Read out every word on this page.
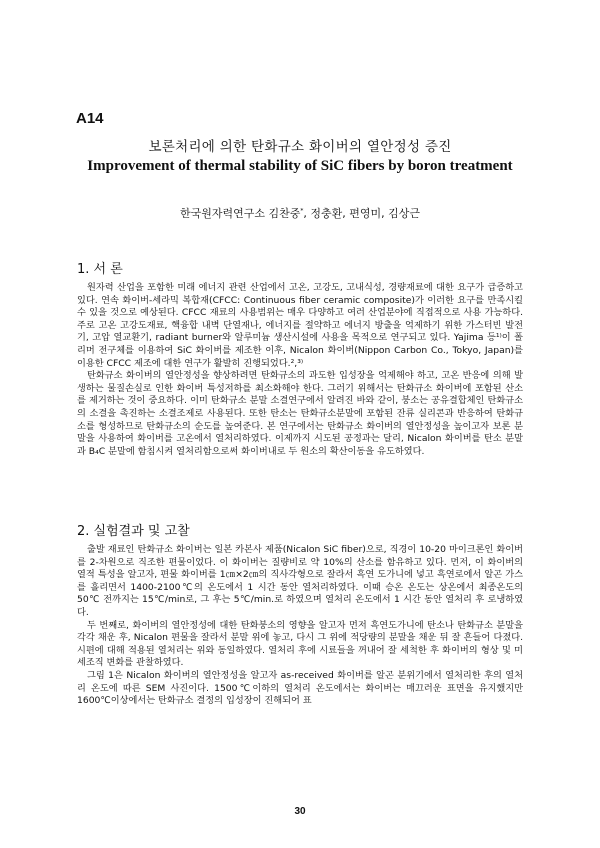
A14
보론처리에 의한 탄화규소 화이버의 열안정성 증진
Improvement of thermal stability of SiC fibers by boron treatment
한국원자력연구소 김찬중*, 정충환, 편영미, 김상근
1. 서 론

원자력 산업을 포함한 미래 에너지 관련 산업에서 고온, 고강도, 고내식성, 경량재료에 대한 요구가 급증하고 있다. 연속 화이버-세라믹 복합재(CFCC: Continuous fiber ceramic composite)가 이러한 요구를 만족시킬 수 있을 것으로 예상된다. CFCC 재료의 사용범위는 매우 다양하고 여러 산업분야에 직접적으로 사용 가능하다. 주로 고온 고강도재료, 핵융합 내벽 단열재나, 에너지를 절약하고 에너지 방출을 억제하기 위한 가스터빈 발전기, 고압 열교환기, radiant burner와 알루미늄 생산시설에 사용을 목적으로 연구되고 있다. Yajima 등¹⁾이 폴리머 전구체를 이용하여 SiC 화이버를 제조한 이후, Nicalon 화이버(Nippon Carbon Co., Tokyo, Japan)를 이용한 CFCC 제조에 대한 연구가 활발히 진행되었다.²,³⁾

탄화규소 화이버의 열안정성을 향상하려면 탄화규소의 과도한 입성장을 억제해야 하고, 고온 반응에 의해 발생하는 물질손실로 인한 화이버 특성저하를 최소화해야 한다. 그러기 위해서는 탄화규소 화이버에 포함된 산소를 제거하는 것이 중요하다. 이미 탄화규소 분말 소결연구에서 알려진 바와 같이, 붕소는 공유결합체인 탄화규소의 소결을 촉진하는 소결조제로 사용된다. 또한 탄소는 탄화규소분말에 포함된 잔류 실리콘과 반응하여 탄화규소를 형성하므로 탄화규소의 순도를 높여준다. 본 연구에서는 탄화규소 화이버의 열안정성을 높이고자 보론 분말을 사용하여 화이버를 고온에서 열처리하였다. 이제까지 시도된 공정과는 달리, Nicalon 화이버를 탄소 분말과 B₄C 분말에 함침시켜 열처리함으로써 화이버내로 두 원소의 확산이동을 유도하였다.

2. 실험결과 및 고찰

출발 재료인 탄화규소 화이버는 일본 카본사 제품(Nicalon SiC fiber)으로, 직경이 10-20 마이크론인 화이버를 2-차원으로 직조한 편물이었다. 이 화이버는 질량비로 약 10%의 산소를 함유하고 있다. 먼저, 이 화이버의 열적 특성을 알고자, 편물 화이버를 1㎝×2㎝의 직사각형으로 잘라서 흑연 도가니에 넣고 흑연로에서 알곤 가스를 흘리면서 1400-2100℃의 온도에서 1 시간 동안 열처리하였다. 이때 승온 온도는 상온에서 최종온도의 50℃ 전까지는 15℃/min로, 그 후는 5℃/min.로 하였으며 열처리 온도에서 1 시간 동안 열처리 후 로냉하였다.

두 번째로, 화이버의 열안정성에 대한 탄화붕소의 영향을 알고자 먼저 흑연도가니에 탄소나 탄화규소 분말을 각각 채운 후, Nicalon 편물을 잘라서 분말 위에 놓고, 다시 그 위에 적당량의 분말을 채운 뒤 잘 흔들어 다졌다. 시편에 대해 적용된 열처리는 위와 동일하였다. 열처리 후에 시료들을 꺼내어 잘 세척한 후 화이버의 형상 및 미세조직 변화를 관찰하였다.

그림 1은 Nicalon 화이버의 열안정성을 알고자 as-received 화이버를 알곤 분위기에서 열처리한 후의 열처리 온도에 따른 SEM 사진이다. 1500℃이하의 열처리 온도에서는 화이버는 매끄러운 표면을 유지했지만 1600℃이상에서는 탄화규소 결정의 입성장이 진해되어 표

30
